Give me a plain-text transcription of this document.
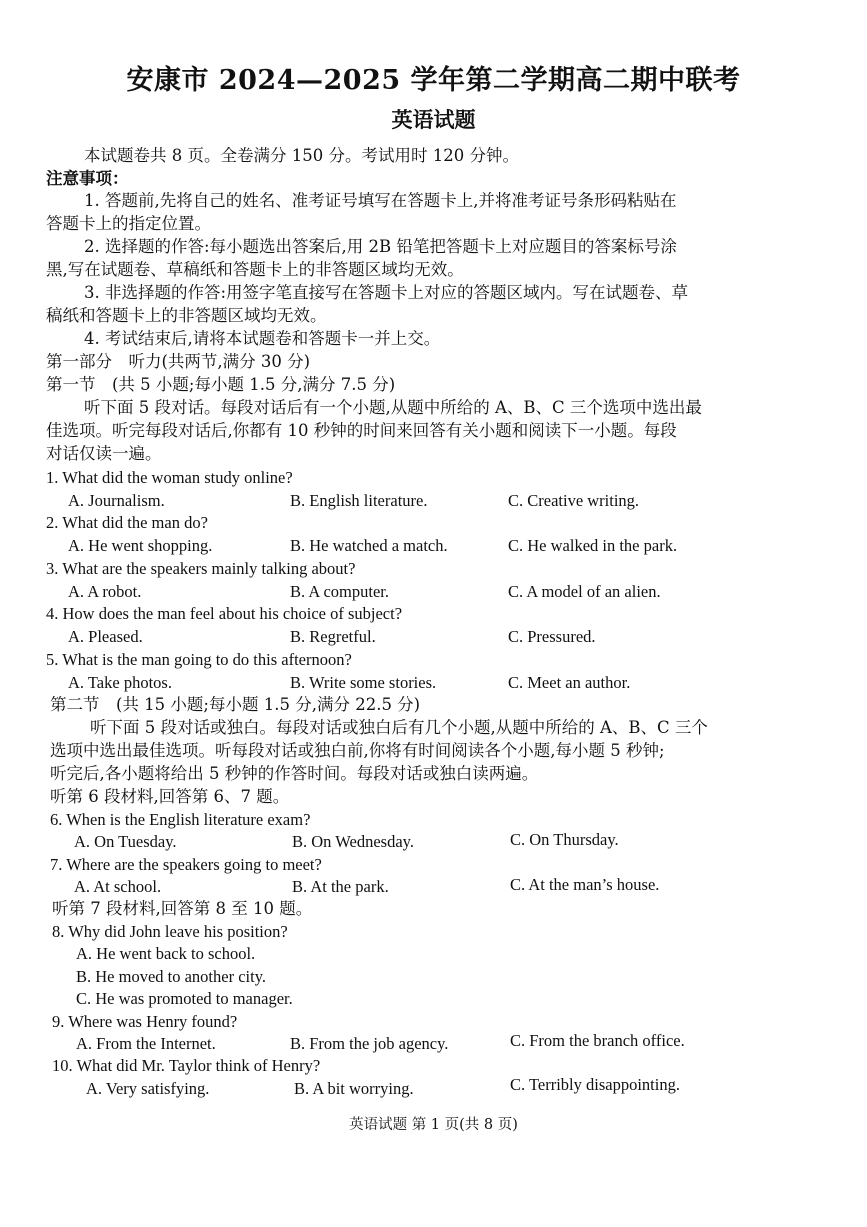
安康市 2024—2025 学年第二学期高二期中联考
英语试题
本试题卷共 8 页。全卷满分 150 分。考试用时 120 分钟。
注意事项：
1. 答题前,先将自己的姓名、准考证号填写在答题卡上,并将准考证号条形码粘贴在
答题卡上的指定位置。
2. 选择题的作答:每小题选出答案后,用 2B 铅笔把答题卡上对应题目的答案标号涂
黑,写在试题卷、草稿纸和答题卡上的非答题区域均无效。
3. 非选择题的作答:用签字笔直接写在答题卡上对应的答题区域内。写在试题卷、草
稿纸和答题卡上的非答题区域均无效。
4. 考试结束后,请将本试题卷和答题卡一并上交。
第一部分　听力(共两节,满分 30 分)
第一节　(共 5 小题;每小题 1.5 分,满分 7.5 分)
听下面 5 段对话。每段对话后有一个小题,从题中所给的 A、B、C 三个选项中选出最
佳选项。听完每段对话后,你都有 10 秒钟的时间来回答有关小题和阅读下一小题。每段
对话仅读一遍。
1. What did the woman study online?
A. Journalism.	B. English literature.	C. Creative writing.
2. What did the man do?
A. He went shopping.	B. He watched a match.	C. He walked in the park.
3. What are the speakers mainly talking about?
A. A robot.	B. A computer.	C. A model of an alien.
4. How does the man feel about his choice of subject?
A. Pleased.	B. Regretful.	C. Pressured.
5. What is the man going to do this afternoon?
A. Take photos.	B. Write some stories.	C. Meet an author.
第二节　(共 15 小题;每小题 1.5 分,满分 22.5 分)
听下面 5 段对话或独白。每段对话或独白后有几个小题,从题中所给的 A、B、C 三个
选项中选出最佳选项。听每段对话或独白前,你将有时间阅读各个小题,每小题 5 秒钟;
听完后,各小题将给出 5 秒钟的作答时间。每段对话或独白读两遍。
听第 6 段材料,回答第 6、7 题。
6. When is the English literature exam?
A. On Tuesday.	B. On Wednesday.	C. On Thursday.
7. Where are the speakers going to meet?
A. At school.	B. At the park.	C. At the man’s house.
听第 7 段材料,回答第 8 至 10 题。
8. Why did John leave his position?
A. He went back to school.
B. He moved to another city.
C. He was promoted to manager.
9. Where was Henry found?
A. From the Internet.	B. From the job agency.	C. From the branch office.
10. What did Mr. Taylor think of Henry?
A. Very satisfying.	B. A bit worrying.	C. Terribly disappointing.
英语试题 第 1 页(共 8 页)
